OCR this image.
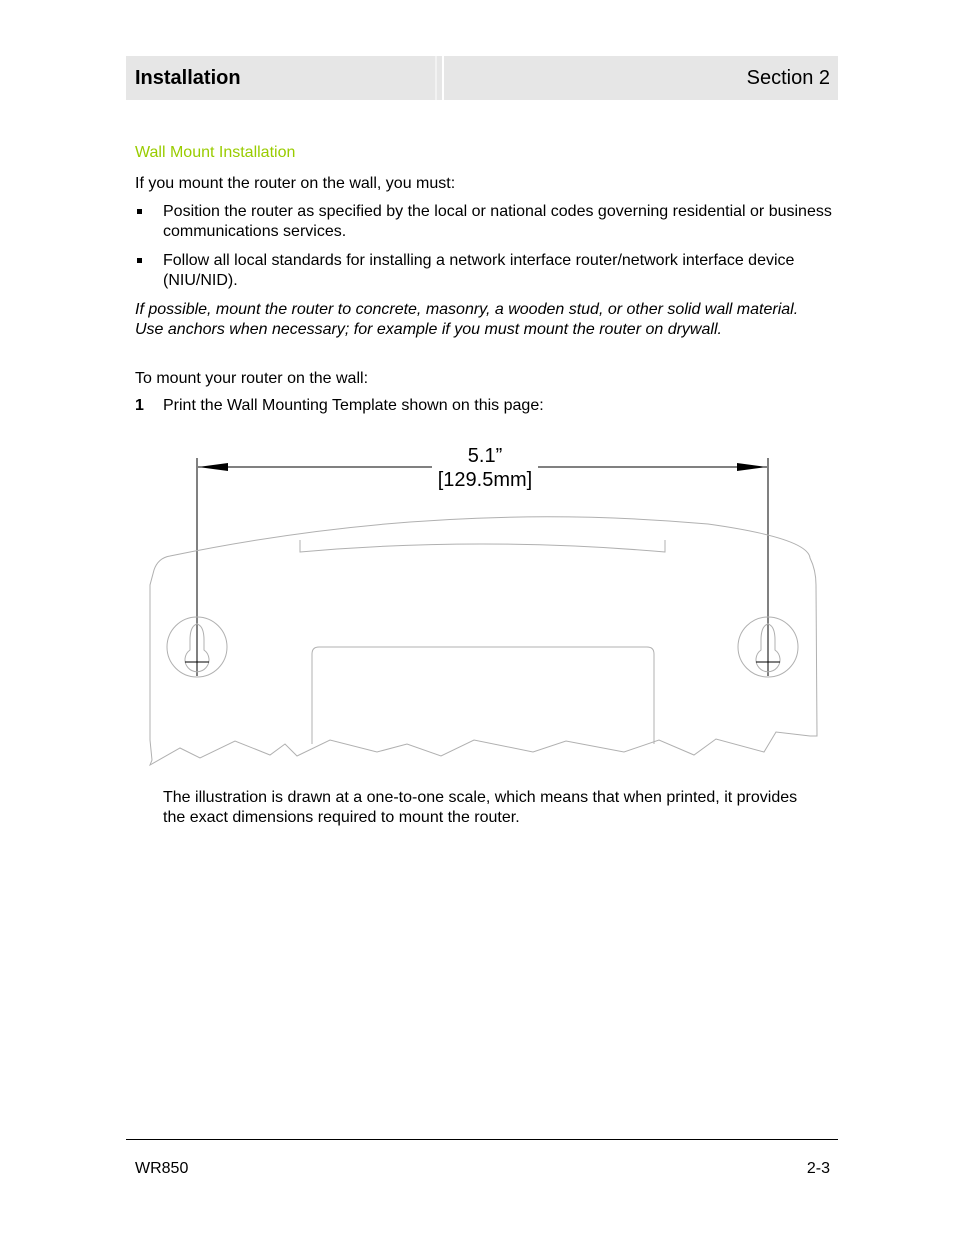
Installation	Section 2
Wall Mount Installation
If you mount the router on the wall, you must:
Position the router as specified by the local or national codes governing residential or business communications services.
Follow all local standards for installing a network interface router/network interface device (NIU/NID).
If possible, mount the router to concrete, masonry, a wooden stud, or other solid wall material. Use anchors when necessary; for example if you must mount the router on drywall.
To mount your router on the wall:
1 Print the Wall Mounting Template shown on this page:
5.1”
[129.5mm]
The illustration is drawn at a one-to-one scale, which means that when printed, it provides the exact dimensions required to mount the router.
WR850	2-3
